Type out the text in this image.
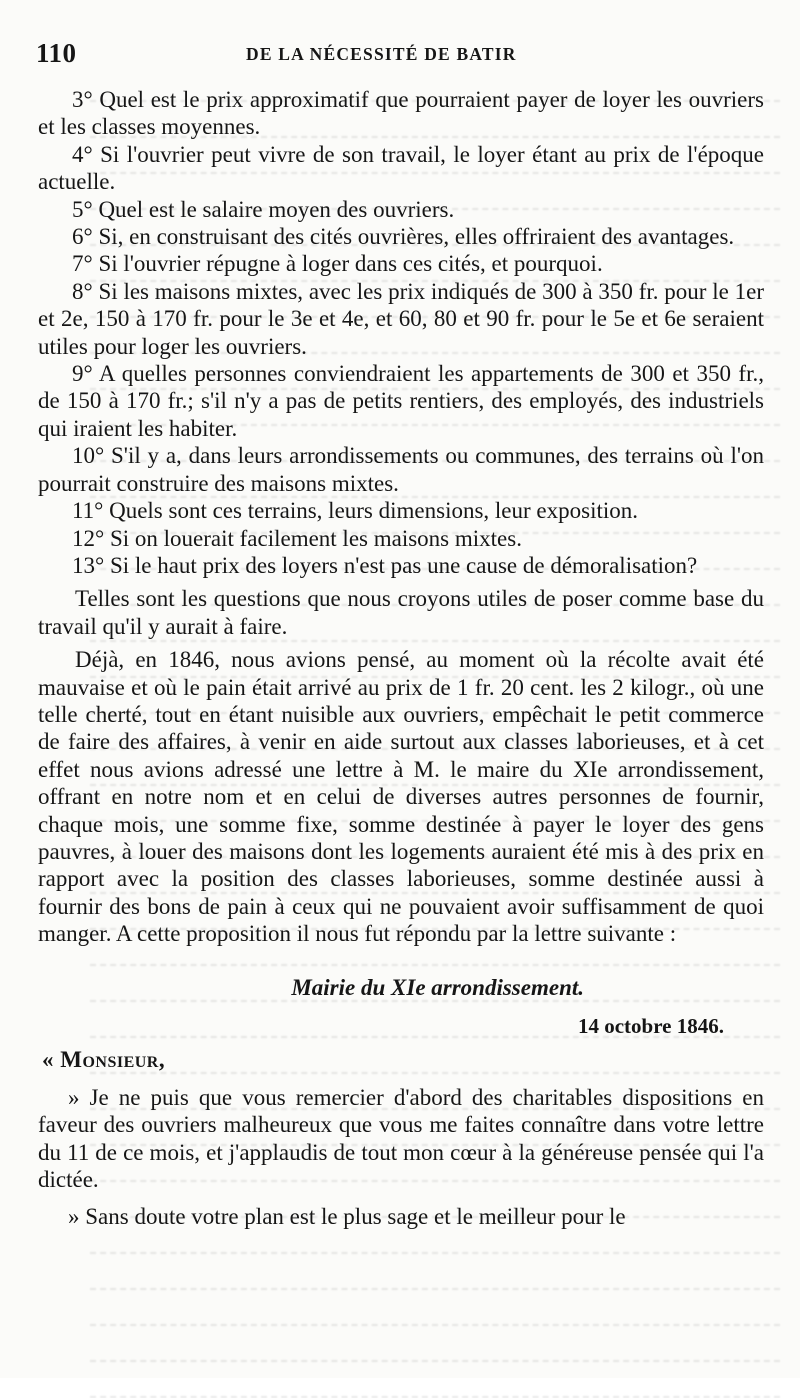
110	DE LA NÉCESSITÉ DE BATIR

3° Quel est le prix approximatif que pourraient payer de loyer les ouvriers et les classes moyennes.

4° Si l'ouvrier peut vivre de son travail, le loyer étant au prix de l'époque actuelle.

5° Quel est le salaire moyen des ouvriers.

6° Si, en construisant des cités ouvrières, elles offriraient des avantages.

7° Si l'ouvrier répugne à loger dans ces cités, et pourquoi.

8° Si les maisons mixtes, avec les prix indiqués de 300 à 350 fr. pour le 1er et 2e, 150 à 170 fr. pour le 3e et 4e, et 60, 80 et 90 fr. pour le 5e et 6e seraient utiles pour loger les ouvriers.

9° A quelles personnes conviendraient les appartements de 300 et 350 fr., de 150 à 170 fr.; s'il n'y a pas de petits rentiers, des employés, des industriels qui iraient les habiter.

10° S'il y a, dans leurs arrondissements ou communes, des terrains où l'on pourrait construire des maisons mixtes.

11° Quels sont ces terrains, leurs dimensions, leur exposition.

12° Si on louerait facilement les maisons mixtes.

13° Si le haut prix des loyers n'est pas une cause de démoralisation?

Telles sont les questions que nous croyons utiles de poser comme base du travail qu'il y aurait à faire.

Déjà, en 1846, nous avions pensé, au moment où la récolte avait été mauvaise et où le pain était arrivé au prix de 1 fr. 20 cent. les 2 kilogr., où une telle cherté, tout en étant nuisible aux ouvriers, empêchait le petit commerce de faire des affaires, à venir en aide surtout aux classes laborieuses, et à cet effet nous avions adressé une lettre à M. le maire du XIe arrondissement, offrant en notre nom et en celui de diverses autres personnes de fournir, chaque mois, une somme fixe, somme destinée à payer le loyer des gens pauvres, à louer des maisons dont les logements auraient été mis à des prix en rapport avec la position des classes laborieuses, somme destinée aussi à fournir des bons de pain à ceux qui ne pouvaient avoir suffisamment de quoi manger. A cette proposition il nous fut répondu par la lettre suivante :

Mairie du XIe arrondissement.

14 octobre 1846.

« Monsieur,

» Je ne puis que vous remercier d'abord des charitables dispositions en faveur des ouvriers malheureux que vous me faites connaître dans votre lettre du 11 de ce mois, et j'applaudis de tout mon cœur à la généreuse pensée qui l'a dictée.

» Sans doute votre plan est le plus sage et le meilleur pour le
